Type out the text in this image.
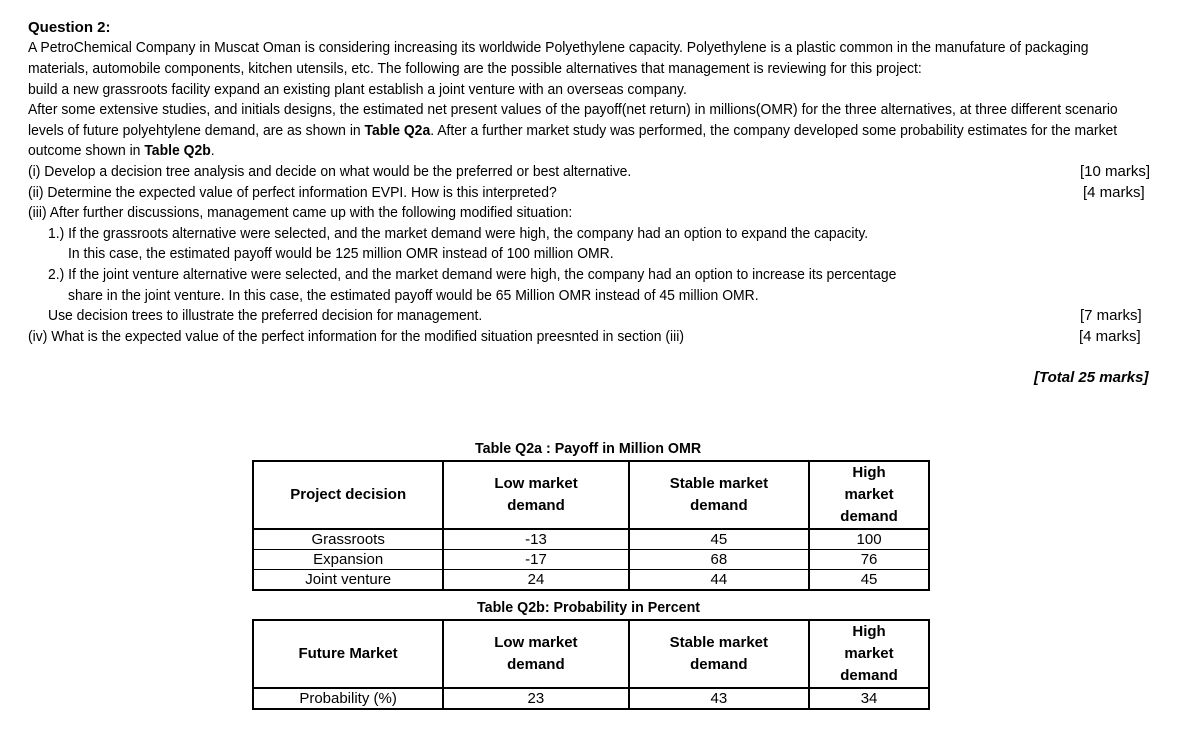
Question 2:
A PetroChemical Company in Muscat Oman is considering increasing its worldwide Polyethylene capacity. Polyethylene is a plastic common in the manufature of packaging
materials, automobile components, kitchen utensils, etc. The following are the possible alternatives that management is reviewing for this project:
build a new grassroots facility expand an existing plant establish a joint venture with an overseas company.
After some extensive studies, and initials designs, the estimated net present values of the payoff(net return) in millions(OMR) for the three alternatives, at three different scenario
levels of future polyehtylene demand, are as shown in Table Q2a. After a further market study was performed, the company developed some probability estimates for the market
outcome shown in Table Q2b.
(i) Develop a decision tree analysis and decide on what would be the preferred or best alternative.	[10 marks]
(ii) Determine the expected value of perfect information EVPI. How is this interpreted?	[4 marks]
(iii) After further discussions, management came up with the following modified situation:
1.) If the grassroots alternative were selected, and the market demand were high, the company had an option to expand the capacity.
In this case, the estimated payoff would be 125 million OMR instead of 100 million OMR.
2.) If the joint venture alternative were selected, and the market demand were high, the company had an option to increase its percentage
share in the joint venture. In this case, the estimated payoff would be 65 Million OMR instead of 45 million OMR.
Use decision trees to illustrate the preferred decision for management.	[7 marks]
(iv) What is the expected value of the perfect information for the modified situation preesnted in section (iii)	[4 marks]
[Total 25 marks]
Table Q2a : Payoff in Million OMR
Project decision	Low market demand	Stable market demand	High market demand
Grassroots	-13	45	100
Expansion	-17	68	76
Joint venture	24	44	45
Table Q2b: Probability in Percent
Future Market	Low market demand	Stable market demand	High market demand
Probability (%)	23	43	34
